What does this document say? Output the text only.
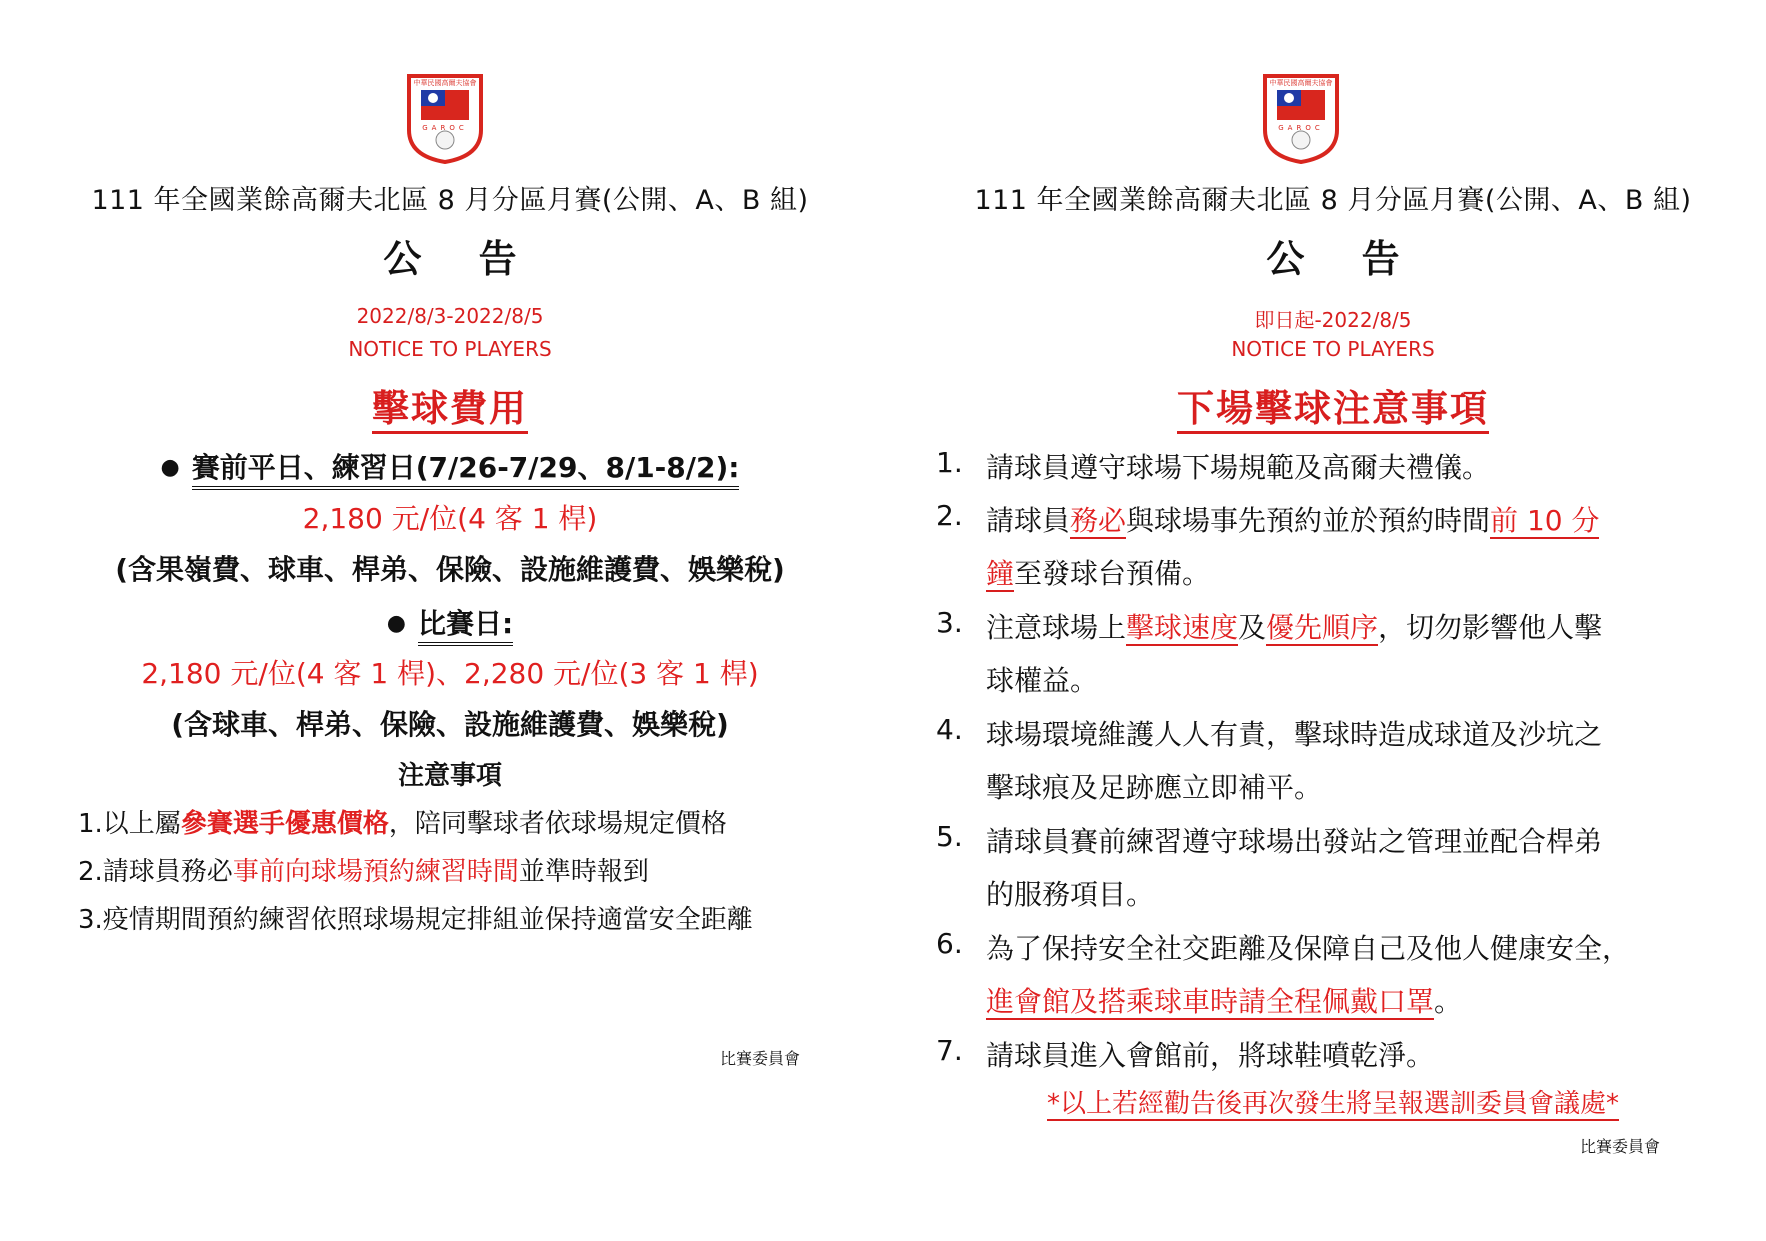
中華民國高爾夫協會
GAROC
111 年全國業餘高爾夫北區 8 月分區月賽(公開、A、B 組)
公 告
2022/8/3-2022/8/5
NOTICE TO PLAYERS
擊球費用
● 賽前平日、練習日(7/26-7/29、8/1-8/2):
2,180 元/位(4 客 1 桿)
(含果嶺費、球車、桿弟、保險、設施維護費、娛樂稅)
● 比賽日:
2,180 元/位(4 客 1 桿)、2,280 元/位(3 客 1 桿)
(含球車、桿弟、保險、設施維護費、娛樂稅)
注意事項
1.以上屬參賽選手優惠價格，陪同擊球者依球場規定價格
2.請球員務必事前向球場預約練習時間並準時報到
3.疫情期間預約練習依照球場規定排組並保持適當安全距離
比賽委員會
中華民國高爾夫協會
GAROC
111 年全國業餘高爾夫北區 8 月分區月賽(公開、A、B 組)
公 告
即日起-2022/8/5
NOTICE TO PLAYERS
下場擊球注意事項
1. 請球員遵守球場下場規範及高爾夫禮儀。
2. 請球員務必與球場事先預約並於預約時間前 10 分
鐘至發球台預備。
3. 注意球場上擊球速度及優先順序，切勿影響他人擊
球權益。
4. 球場環境維護人人有責，擊球時造成球道及沙坑之
擊球痕及足跡應立即補平。
5. 請球員賽前練習遵守球場出發站之管理並配合桿弟
的服務項目。
6. 為了保持安全社交距離及保障自己及他人健康安全，
進會館及搭乘球車時請全程佩戴口罩。
7. 請球員進入會館前，將球鞋噴乾淨。
*以上若經勸告後再次發生將呈報選訓委員會議處*
比賽委員會
